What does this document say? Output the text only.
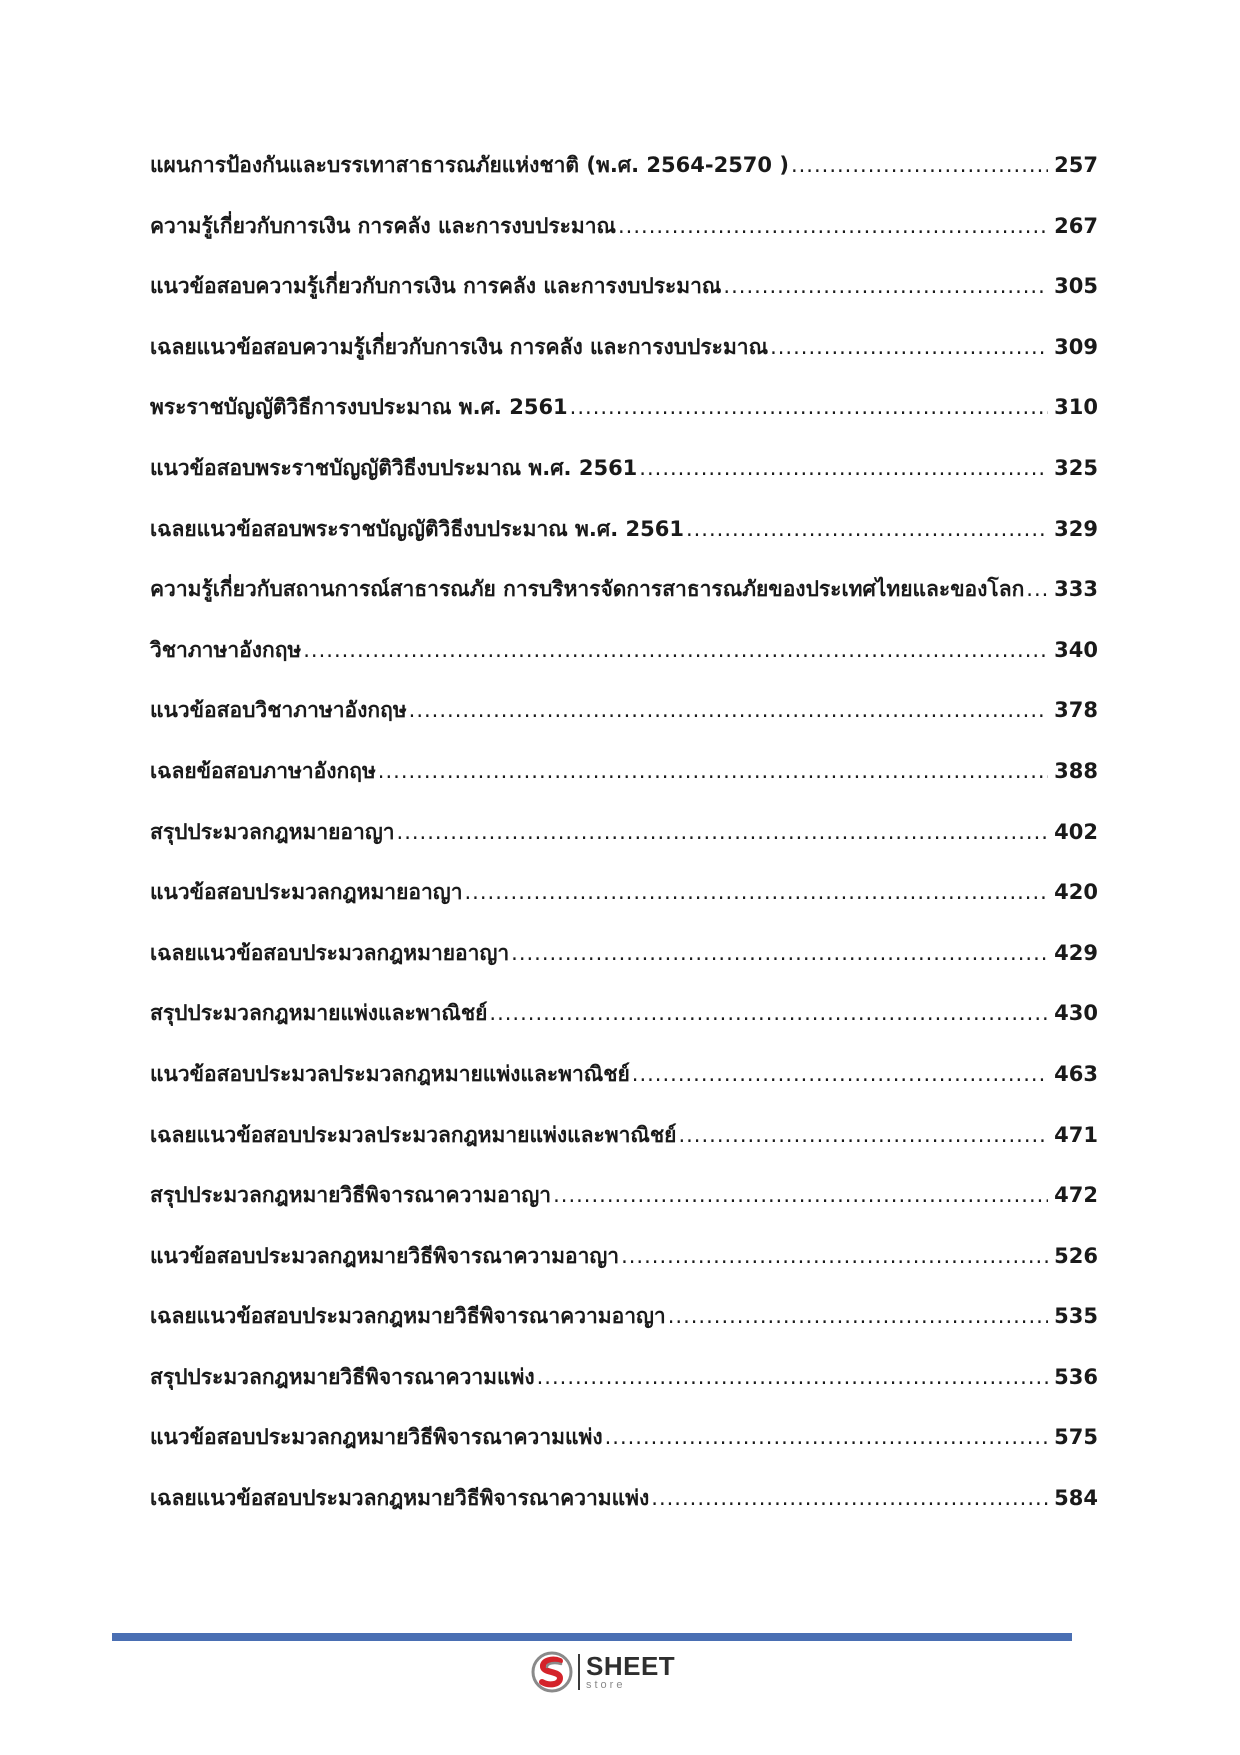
แผนการป้องกันและบรรเทาสาธารณภัยแห่งชาติ (พ.ศ. 2564-2570 ) .....	257
ความรู้เกี่ยวกับการเงิน การคลัง และการงบประมาณ .....	267
แนวข้อสอบความรู้เกี่ยวกับการเงิน การคลัง และการงบประมาณ .....	305
เฉลยแนวข้อสอบความรู้เกี่ยวกับการเงิน การคลัง และการงบประมาณ .....	309
พระราชบัญญัติวิธีการงบประมาณ พ.ศ. 2561 .....	310
แนวข้อสอบพระราชบัญญัติวิธีงบประมาณ พ.ศ. 2561 .....	325
เฉลยแนวข้อสอบพระราชบัญญัติวิธีงบประมาณ พ.ศ. 2561 .....	329
ความรู้เกี่ยวกับสถานการณ์สาธารณภัย การบริหารจัดการสาธารณภัยของประเทศไทยและของโลก ..... 333
วิชาภาษาอังกฤษ .....	340
แนวข้อสอบวิชาภาษาอังกฤษ .....	378
เฉลยข้อสอบภาษาอังกฤษ .....	388
สรุปประมวลกฎหมายอาญา .....	402
แนวข้อสอบประมวลกฎหมายอาญา .....	420
เฉลยแนวข้อสอบประมวลกฎหมายอาญา .....	429
สรุปประมวลกฎหมายแพ่งและพาณิชย์ .....	430
แนวข้อสอบประมวลประมวลกฎหมายแพ่งและพาณิชย์ .....	463
เฉลยแนวข้อสอบประมวลประมวลกฎหมายแพ่งและพาณิชย์ .....	471
สรุปประมวลกฎหมายวิธีพิจารณาความอาญา .....	472
แนวข้อสอบประมวลกฎหมายวิธีพิจารณาความอาญา .....	526
เฉลยแนวข้อสอบประมวลกฎหมายวิธีพิจารณาความอาญา .....	535
สรุปประมวลกฎหมายวิธีพิจารณาความแพ่ง .....	536
แนวข้อสอบประมวลกฎหมายวิธีพิจารณาความแพ่ง .....	575
เฉลยแนวข้อสอบประมวลกฎหมายวิธีพิจารณาความแพ่ง .....	584
SHEET
store
